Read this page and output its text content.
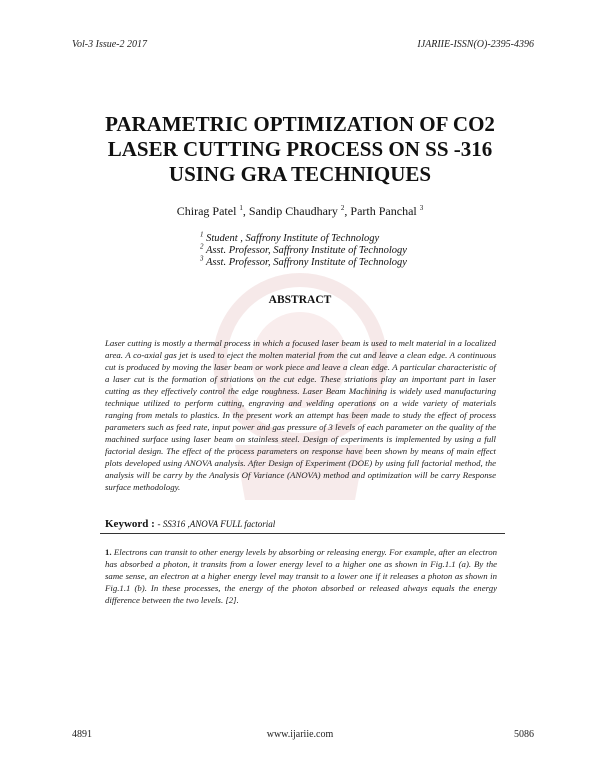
Vol-3 Issue-2 2017	IJARIIE-ISSN(O)-2395-4396
PARAMETRIC OPTIMIZATION OF CO2
LASER CUTTING PROCESS ON SS -316
USING GRA TECHNIQUES
Chirag Patel $^1$, Sandip Chaudhary $^2$, Parth Panchal $^3$
$^1$ Student , Saffrony Institute of Technology
$^2$ Asst. Professor, Saffrony Institute of Technology
$^3$ Asst. Professor, Saffrony Institute of Technology
ABSTRACT
Laser cutting is mostly a thermal process in which a focused laser beam is used to melt material in a localized area. A co-axial gas jet is used to eject the molten material from the cut and leave a clean edge. A continuous cut is produced by moving the laser beam or work piece and leave a clean edge. A particular characteristic of a laser cut is the formation of striations on the cut edge. These striations play an important part in laser cutting as they effectively control the edge roughness. Laser Beam Machining is widely used manufacturing technique utilized to perform cutting, engraving and welding operations on a wide variety of materials ranging from metals to plastics. In the present work an attempt has been made to study the effect of process parameters such as feed rate, input power and gas pressure of 3 levels of each parameter on the quality of the machined surface using laser beam on stainless steel. Design of experiments is implemented by using a full factorial design. The effect of the process parameters on response have been shown by means of main effect plots developed using ANOVA analysis. After Design of Experiment (DOE) by using full factorial method, the analysis will be carry by the Analysis Of Variance (ANOVA) method and optimization will be carry Response surface methodology.
Keyword : - SS316 ,ANOVA FULL factorial
1. Electrons can transit to other energy levels by absorbing or releasing energy. For example, after an electron has absorbed a photon, it transits from a lower energy level to a higher one as shown in Fig.1.1 (a). By the same sense, an electron at a higher energy level may transit to a lower one if it releases a photon as shown in Fig.1.1 (b). In these processes, the energy of the photon absorbed or released always equals the energy difference between the two levels. [2].
4891	www.ijariie.com	5086
